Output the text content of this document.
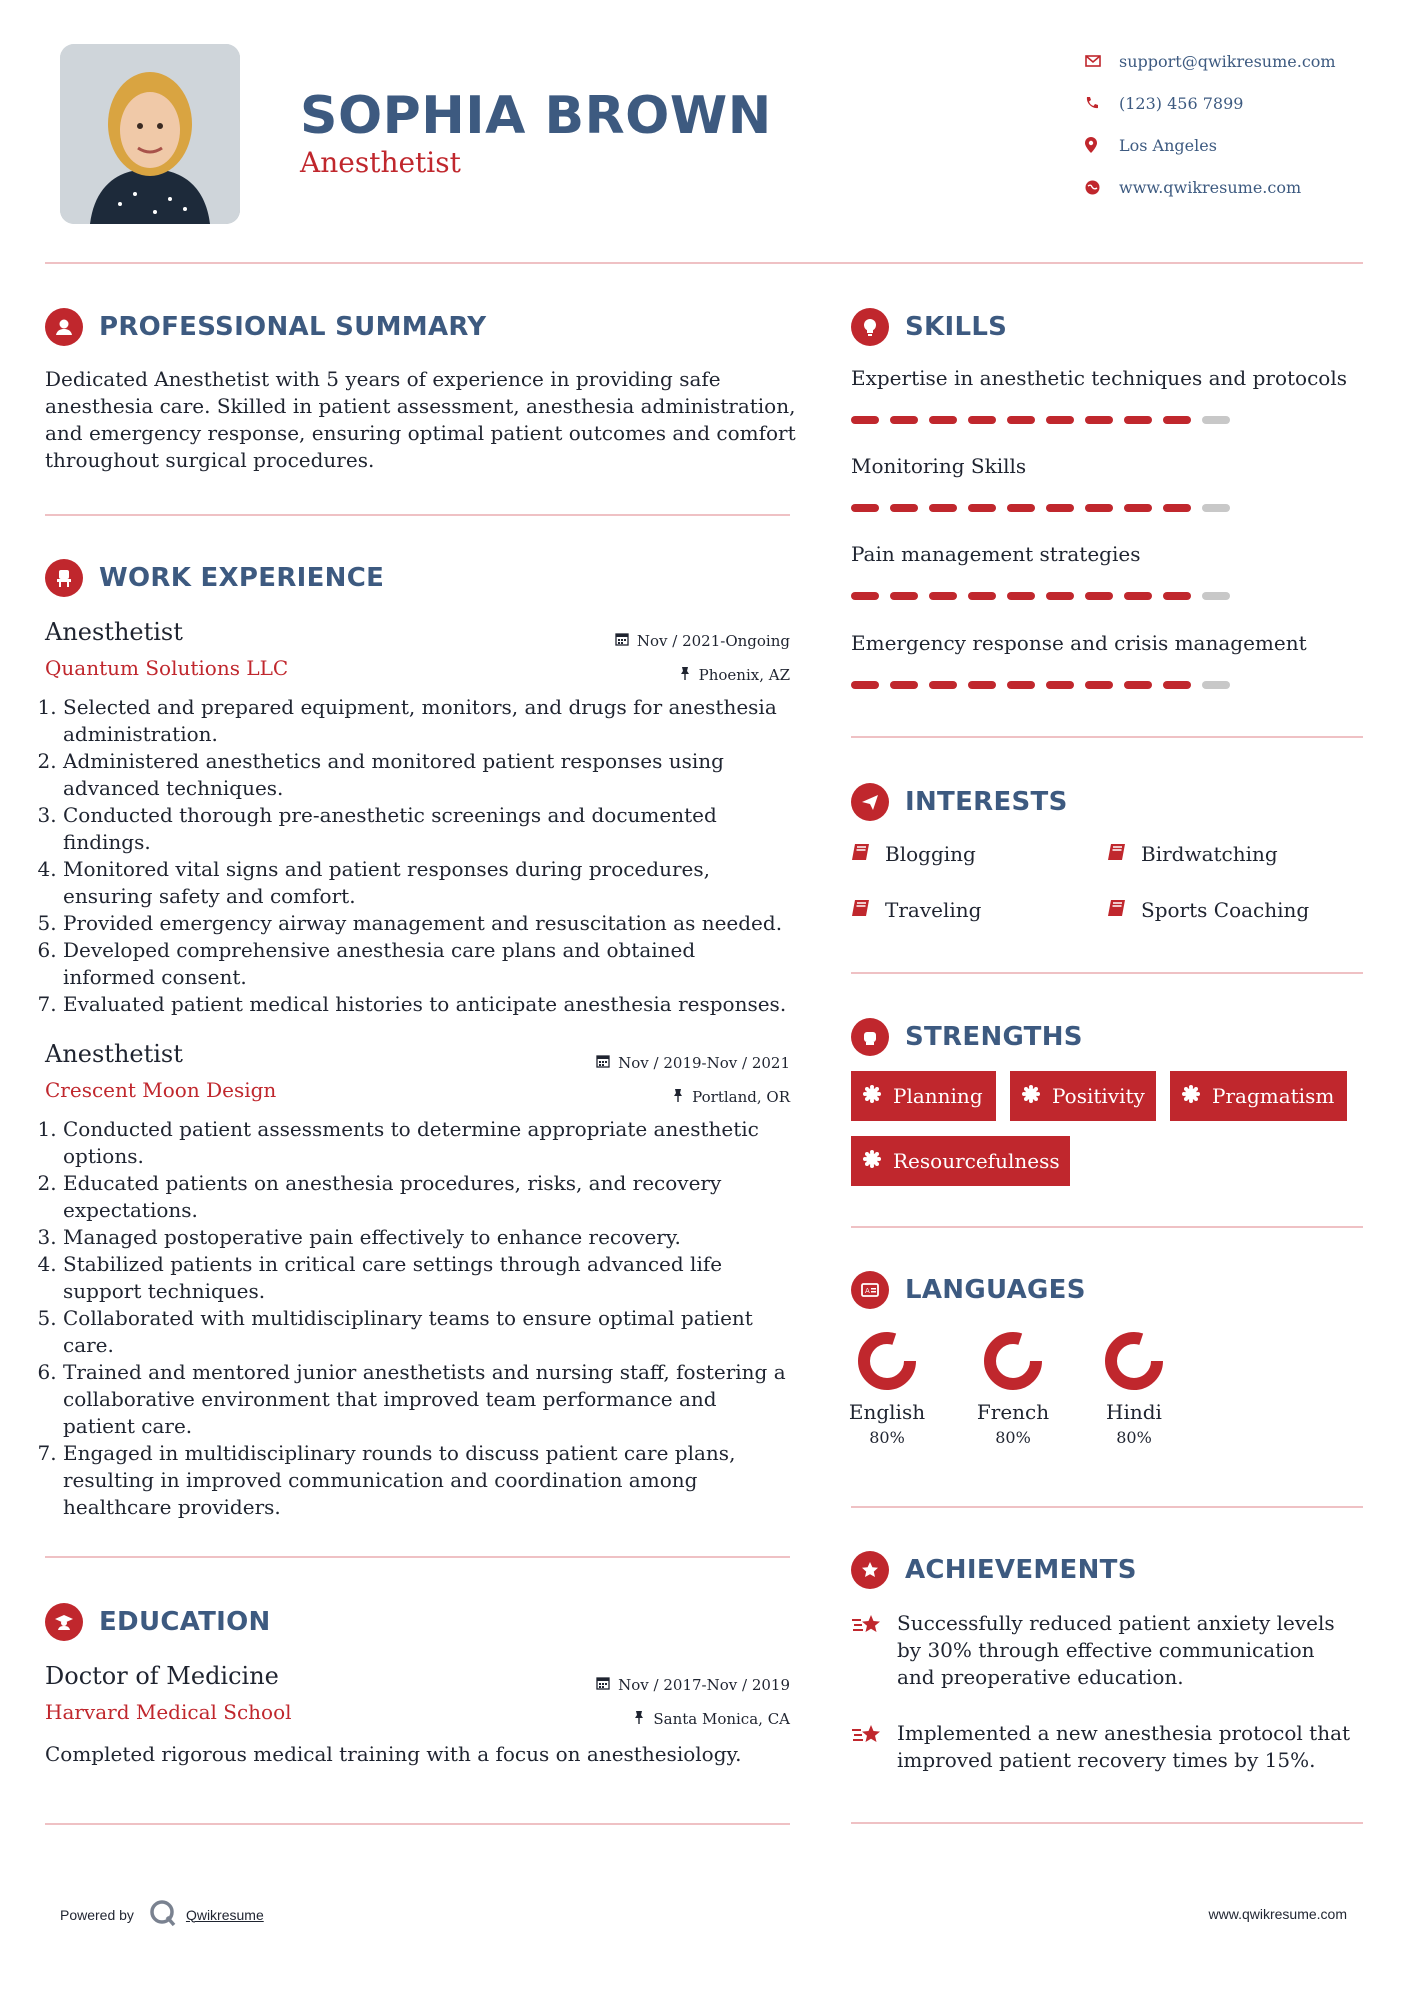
SOPHIA BROWN
Anesthetist
support@qwikresume.com
(123) 456 7899
Los Angeles
www.qwikresume.com
PROFESSIONAL SUMMARY
Dedicated Anesthetist with 5 years of experience in providing safe anesthesia care. Skilled in patient assessment, anesthesia administration, and emergency response, ensuring optimal patient outcomes and comfort throughout surgical procedures.
WORK EXPERIENCE
Anesthetist
Quantum Solutions LLC
Nov / 2021-Ongoing
Phoenix, AZ
1. Selected and prepared equipment, monitors, and drugs for anesthesia administration.
2. Administered anesthetics and monitored patient responses using advanced techniques.
3. Conducted thorough pre-anesthetic screenings and documented findings.
4. Monitored vital signs and patient responses during procedures, ensuring safety and comfort.
5. Provided emergency airway management and resuscitation as needed.
6. Developed comprehensive anesthesia care plans and obtained informed consent.
7. Evaluated patient medical histories to anticipate anesthesia responses.
Anesthetist
Crescent Moon Design
Nov / 2019-Nov / 2021
Portland, OR
1. Conducted patient assessments to determine appropriate anesthetic options.
2. Educated patients on anesthesia procedures, risks, and recovery expectations.
3. Managed postoperative pain effectively to enhance recovery.
4. Stabilized patients in critical care settings through advanced life support techniques.
5. Collaborated with multidisciplinary teams to ensure optimal patient care.
6. Trained and mentored junior anesthetists and nursing staff, fostering a collaborative environment that improved team performance and patient care.
7. Engaged in multidisciplinary rounds to discuss patient care plans, resulting in improved communication and coordination among healthcare providers.
EDUCATION
Doctor of Medicine
Harvard Medical School
Nov / 2017-Nov / 2019
Santa Monica, CA
Completed rigorous medical training with a focus on anesthesiology.
SKILLS
Expertise in anesthetic techniques and protocols
Monitoring Skills
Pain management strategies
Emergency response and crisis management
INTERESTS
Blogging	Birdwatching
Traveling	Sports Coaching
STRENGTHS
Planning	Positivity	Pragmatism
Resourcefulness
A LANGUAGES
English
80%
French
80%
Hindi
80%
ACHIEVEMENTS
Successfully reduced patient anxiety levels by 30% through effective communication and preoperative education.
Implemented a new anesthesia protocol that improved patient recovery times by 15%.
Powered by	Qwikresume	www.qwikresume.com
